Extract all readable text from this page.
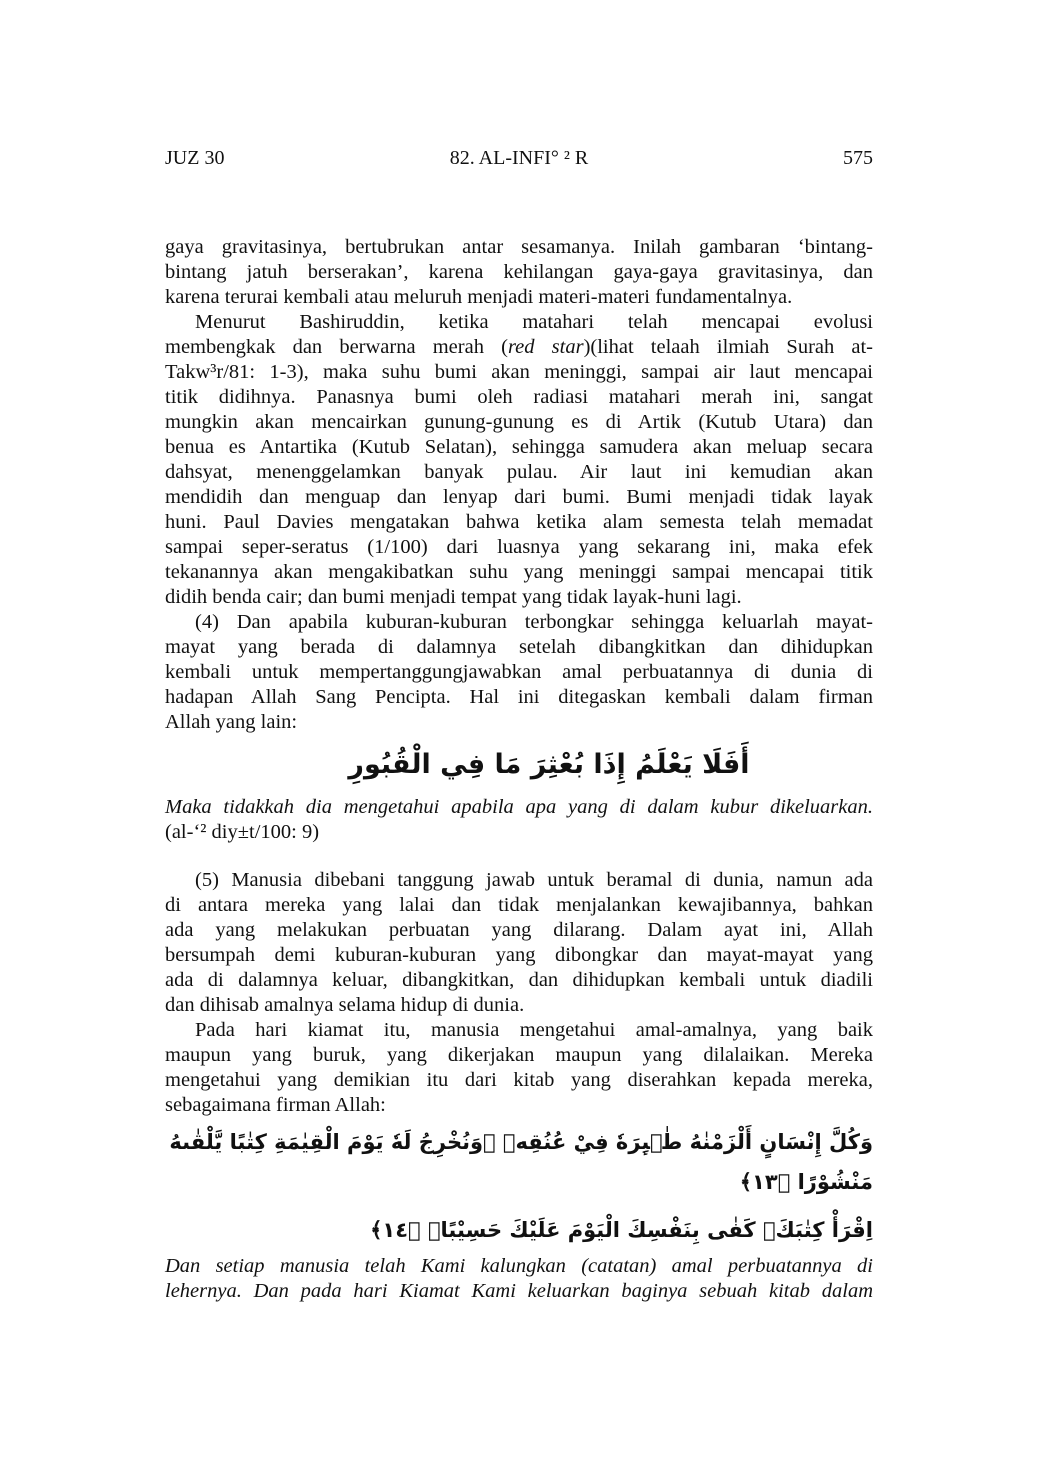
JUZ 30	82. AL-INFI° ² R	575
gaya gravitasinya, bertubrukan antar sesamanya. Inilah gambaran ‘bintang-
bintang jatuh berserakan’, karena kehilangan gaya-gaya gravitasinya, dan
karena terurai kembali atau meluruh menjadi materi-materi fundamentalnya.
Menurut Bashiruddin, ketika matahari telah mencapai evolusi
membengkak dan berwarna merah (red star)(lihat telaah ilmiah Surah at-
Takw³r/81: 1-3), maka suhu bumi akan meninggi, sampai air laut mencapai
titik didihnya. Panasnya bumi oleh radiasi matahari merah ini, sangat
mungkin akan mencairkan gunung-gunung es di Artik (Kutub Utara) dan
benua es Antartika (Kutub Selatan), sehingga samudera akan meluap secara
dahsyat, menenggelamkan banyak pulau. Air laut ini kemudian akan
mendidih dan menguap dan lenyap dari bumi. Bumi menjadi tidak layak
huni. Paul Davies mengatakan bahwa ketika alam semesta telah memadat
sampai seper-seratus (1/100) dari luasnya yang sekarang ini, maka efek
tekanannya akan mengakibatkan suhu yang meninggi sampai mencapai titik
didih benda cair; dan bumi menjadi tempat yang tidak layak-huni lagi.
(4) Dan apabila kuburan-kuburan terbongkar sehingga keluarlah mayat-
mayat yang berada di dalamnya setelah dibangkitkan dan dihidupkan
kembali untuk mempertanggungjawabkan amal perbuatannya di dunia di
hadapan Allah Sang Pencipta. Hal ini ditegaskan kembali dalam firman
Allah yang lain:
أَفَلَا يَعْلَمُ إِذَا بُعْثِرَ مَا فِي الْقُبُورِ
Maka tidakkah dia mengetahui apabila apa yang di dalam kubur dikeluarkan.
(al-‘² diy±t/100: 9)
(5) Manusia dibebani tanggung jawab untuk beramal di dunia, namun ada
di antara mereka yang lalai dan tidak menjalankan kewajibannya, bahkan
ada yang melakukan perbuatan yang dilarang. Dalam ayat ini, Allah
bersumpah demi kuburan-kuburan yang dibongkar dan mayat-mayat yang
ada di dalamnya keluar, dibangkitkan, dan dihidupkan kembali untuk diadili
dan dihisab amalnya selama hidup di dunia.
Pada hari kiamat itu, manusia mengetahui amal-amalnya, yang baik
maupun yang buruk, yang dikerjakan maupun yang dilalaikan. Mereka
mengetahui yang demikian itu dari kitab yang diserahkan kepada mereka,
sebagaimana firman Allah:
وَكُلَّ إِنْسَانٍ أَلْزَمْنٰهُ طٰۤىِٕرَهٗ فِيْ عُنُقِهٖ ۗوَنُخْرِجُ لَهٗ يَوْمَ الْقِيٰمَةِ كِتٰبًا يَّلْقٰىهُ مَنْشُوْرًا ﴿١٣﴾
اِقْرَأْ كِتٰبَكَۗ كَفٰى بِنَفْسِكَ الْيَوْمَ عَلَيْكَ حَسِيْبًاۗ ﴿١٤﴾
Dan setiap manusia telah Kami kalungkan (catatan) amal perbuatannya di
lehernya. Dan pada hari Kiamat Kami keluarkan baginya sebuah kitab dalam
